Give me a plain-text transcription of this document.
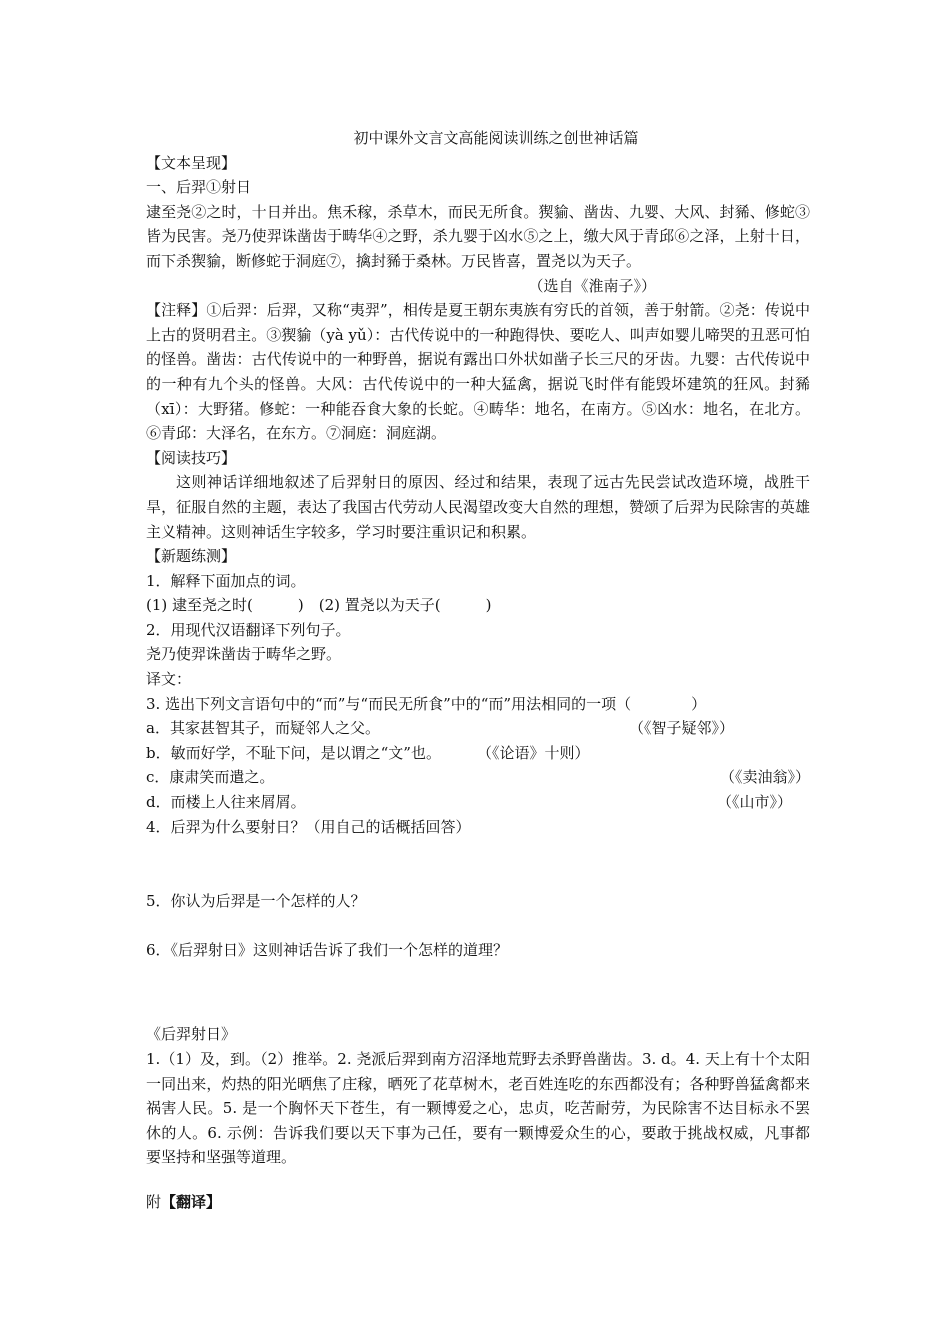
初中课外文言文高能阅读训练之创世神话篇
【文本呈现】
一、后羿①射日
逮至尧②之时，十日并出。焦禾稼，杀草木，而民无所食。猰貐、凿齿、九婴、大风、封豨、修蛇③皆为民害。尧乃使羿诛凿齿于畴华④之野，杀九婴于凶水⑤之上，缴大风于青邱⑥之泽，上射十日，而下杀猰貐，断修蛇于洞庭⑦，擒封豨于桑林。万民皆喜，置尧以为天子。
（选自《淮南子》）
【注释】①后羿：后羿，又称“夷羿”，相传是夏王朝东夷族有穷氏的首领，善于射箭。②尧：传说中上古的贤明君主。③猰貐（yà yǔ）：古代传说中的一种跑得快、要吃人、叫声如婴儿啼哭的丑恶可怕的怪兽。凿齿：古代传说中的一种野兽，据说有露出口外状如凿子长三尺的牙齿。九婴：古代传说中的一种有九个头的怪兽。大风：古代传说中的一种大猛禽，据说飞时伴有能毁坏建筑的狂风。封豨（xī）：大野猪。修蛇：一种能吞食大象的长蛇。④畴华：地名，在南方。⑤凶水：地名，在北方。⑥青邱：大泽名，在东方。⑦洞庭：洞庭湖。
【阅读技巧】
这则神话详细地叙述了后羿射日的原因、经过和结果，表现了远古先民尝试改造环境，战胜干旱，征服自然的主题，表达了我国古代劳动人民渴望改变大自然的理想，赞颂了后羿为民除害的英雄主义精神。这则神话生字较多，学习时要注重识记和积累。
【新题练测】
1．解释下面加点的词。
(1) 逮至尧之时(　　　)　(2) 置尧以为天子(　　　)
2．用现代汉语翻译下列句子。
尧乃使羿诛凿齿于畴华之野。
译文：
3. 选出下列文言语句中的“而”与“而民无所食”中的“而”用法相同的一项（　　　　）
a．其家甚智其子，而疑邻人之父。	（《智子疑邻》）
b．敏而好学，不耻下问，是以谓之“文”也。	（《论语》十则）
c．康肃笑而遣之。	（《卖油翁》）
d．而楼上人往来屑屑。	（《山市》）
4．后羿为什么要射日？（用自己的话概括回答）
5．你认为后羿是一个怎样的人？
6．《后羿射日》这则神话告诉了我们一个怎样的道理？
《后羿射日》
1.（1）及，到。（2）推举。2. 尧派后羿到南方沼泽地荒野去杀野兽凿齿。3. d。4. 天上有十个太阳一同出来，灼热的阳光晒焦了庄稼，晒死了花草树木，老百姓连吃的东西都没有；各种野兽猛禽都来祸害人民。5. 是一个胸怀天下苍生，有一颗博爱之心，忠贞，吃苦耐劳，为民除害不达目标永不罢休的人。6. 示例：告诉我们要以天下事为己任，要有一颗博爱众生的心，要敢于挑战权威，凡事都要坚持和坚强等道理。
附【翻译】
